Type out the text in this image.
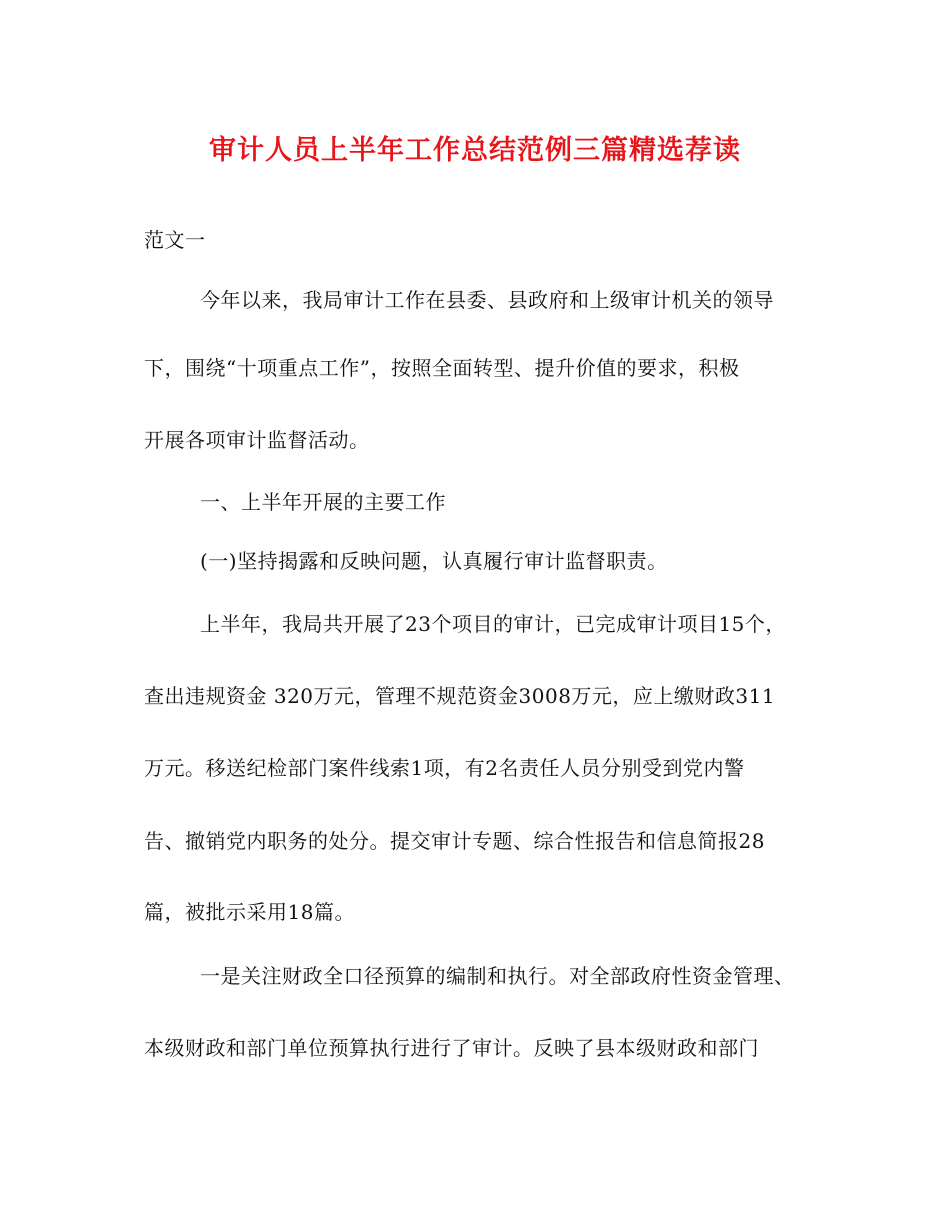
审计人员上半年工作总结范例三篇精选荐读
范文一
今年以来，我局审计工作在县委、县政府和上级审计机关的领导
下，围绕“十项重点工作”，按照全面转型、提升价值的要求，积极
开展各项审计监督活动。
一、上半年开展的主要工作
(一)坚持揭露和反映问题，认真履行审计监督职责。
上半年，我局共开展了23个项目的审计，已完成审计项目15个，
查出违规资金 320万元，管理不规范资金3008万元，应上缴财政311
万元。移送纪检部门案件线索1项，有2名责任人员分别受到党内警
告、撤销党内职务的处分。提交审计专题、综合性报告和信息简报28
篇，被批示采用18篇。
一是关注财政全口径预算的编制和执行。对全部政府性资金管理、
本级财政和部门单位预算执行进行了审计。反映了县本级财政和部门
